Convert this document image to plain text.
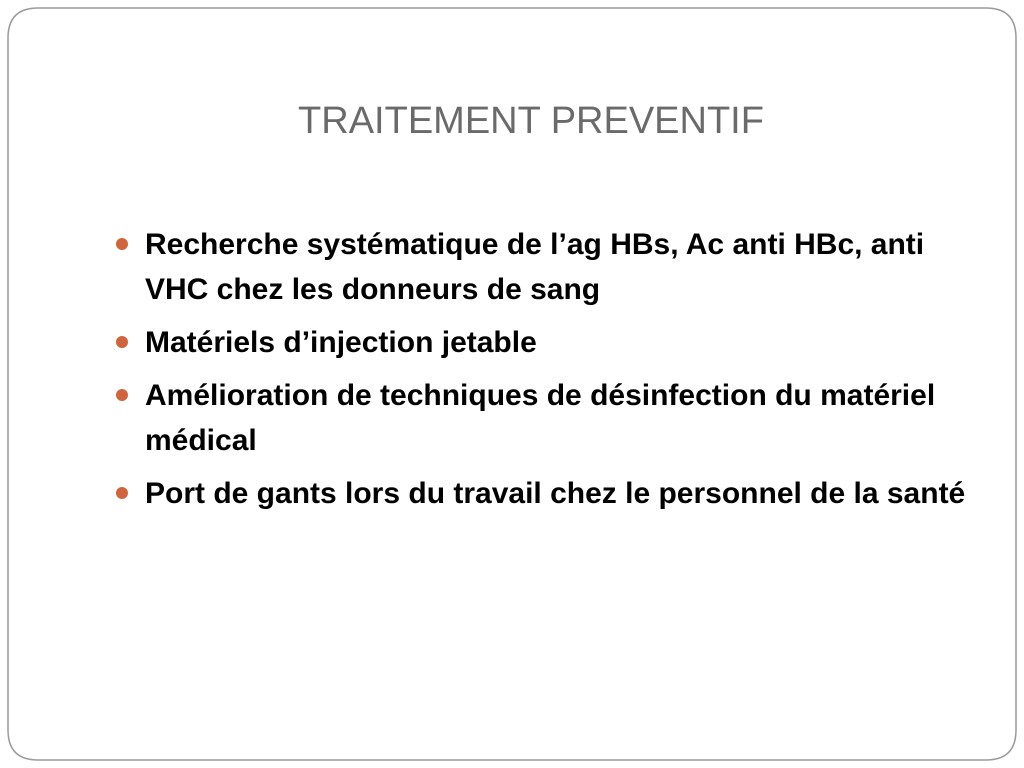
TRAITEMENT PREVENTIF
Recherche systématique de l’ag HBs, Ac anti HBc, anti VHC chez les donneurs de sang
Matériels d’injection jetable
Amélioration de techniques de désinfection du matériel médical
Port de gants lors du travail chez le personnel de la santé
